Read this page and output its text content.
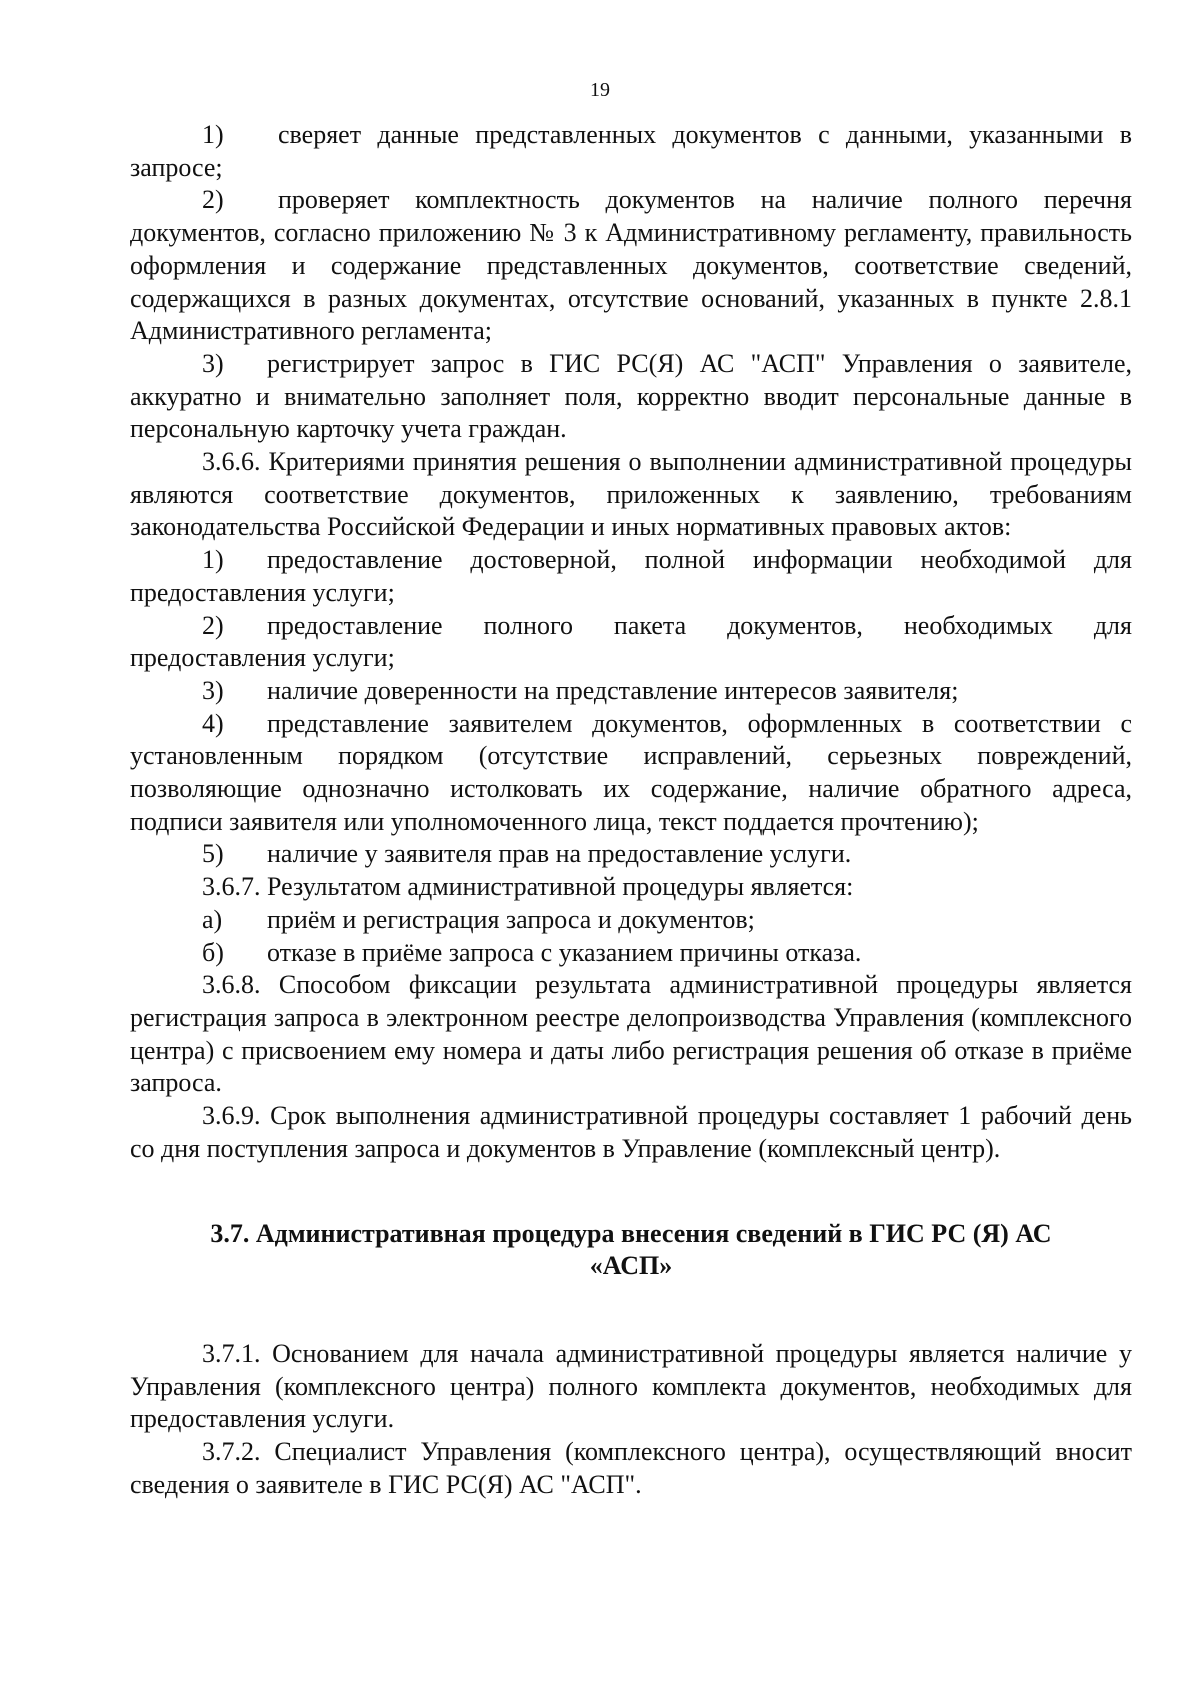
19

1) сверяет данные представленных документов с данными, указанными в запросе;

2) проверяет комплектность документов на наличие полного перечня документов, согласно приложению № 3 к Административному регламенту, правильность оформления и содержание представленных документов, соответствие сведений, содержащихся в разных документах, отсутствие оснований, указанных в пункте 2.8.1 Административного регламента;

3) регистрирует запрос в ГИС РС(Я) АС "АСП" Управления о заявителе, аккуратно и внимательно заполняет поля, корректно вводит персональные данные в персональную карточку учета граждан.

3.6.6. Критериями принятия решения о выполнении административной процедуры являются соответствие документов, приложенных к заявлению, требованиям законодательства Российской Федерации и иных нормативных правовых актов:

1) предоставление достоверной, полной информации необходимой для предоставления услуги;

2) предоставление полного пакета документов, необходимых для предоставления услуги;

3) наличие доверенности на представление интересов заявителя;

4) представление заявителем документов, оформленных в соответствии с установленным порядком (отсутствие исправлений, серьезных повреждений, позволяющие однозначно истолковать их содержание, наличие обратного адреса, подписи заявителя или уполномоченного лица, текст поддается прочтению);

5) наличие у заявителя прав на предоставление услуги.

3.6.7. Результатом административной процедуры является:

а) приём и регистрация запроса и документов;

б) отказе в приёме запроса с указанием причины отказа.

3.6.8. Способом фиксации результата административной процедуры является регистрация запроса в электронном реестре делопроизводства Управления (комплексного центра) с присвоением ему номера и даты либо регистрация решения об отказе в приёме запроса.

3.6.9. Срок выполнения административной процедуры составляет 1 рабочий день со дня поступления запроса и документов в Управление (комплексный центр).

3.7. Административная процедура внесения сведений в ГИС РС (Я) АС
«АСП»

3.7.1. Основанием для начала административной процедуры является наличие у Управления (комплексного центра) полного комплекта документов, необходимых для предоставления услуги.

3.7.2. Специалист Управления (комплексного центра), осуществляющий вносит сведения о заявителе в ГИС РС(Я) АС "АСП".
